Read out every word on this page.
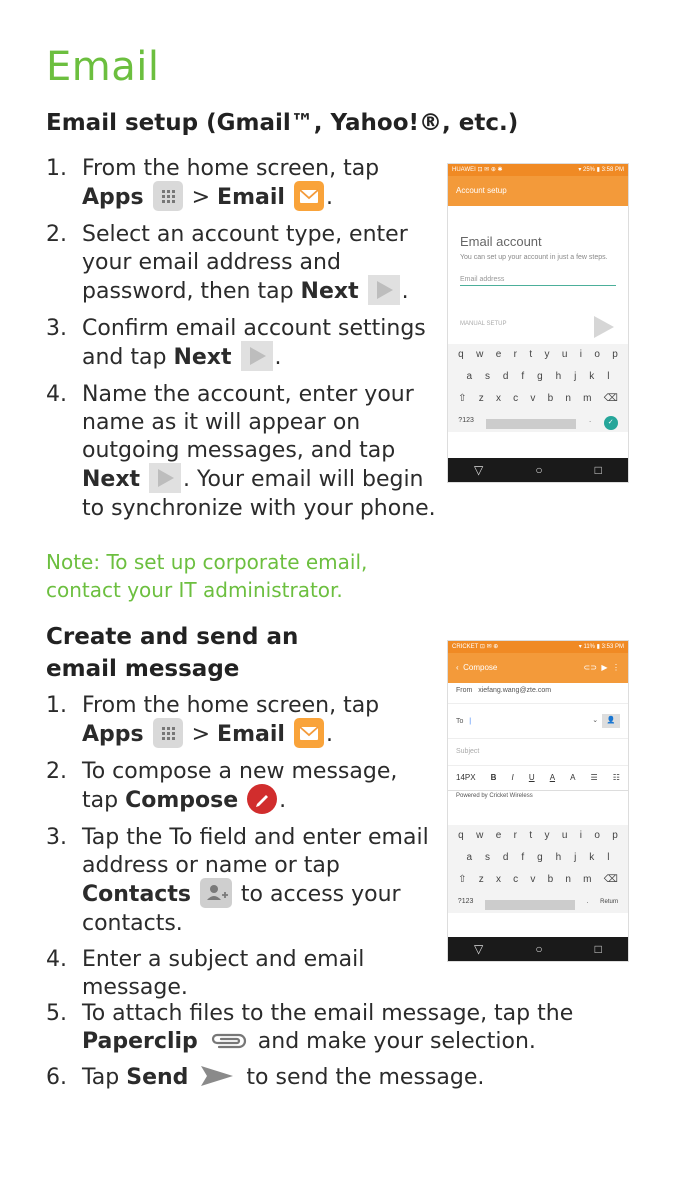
Email
Email setup (Gmail™, Yahoo!®, etc.)
1. From the home screen, tap Apps
> Email .
2. Select an account type, enter your email address and password, then tap Next .
3. Confirm email account settings and tap Next .
4. Name the account, enter your name as it will appear on outgoing messages, and tap Next . Your email will begin to synchronize with your phone.

Note: To set up corporate email, contact your IT administrator.

HUAWEI ⊡ ✉ ⊕ ✱	▾ 25% ▮ 3:58 PM
Account setup
Email account
You can set up your account in just a few steps.
Email address
MANUAL SETUP
q w e r t y u i o p
a s d f g h j k l
⇧ z x c v b n m ⌫
?123	.	✓
▽	○	□
Create and send an email message
1. From the home screen, tap Apps
> Email .
2. To compose a new message, tap Compose .
3. Tap the To field and enter email address or name or tap Contacts
to access your contacts.
4. Enter a subject and email message.
5. To attach files to the email message, tap the Paperclip  and make your selection.
6. Tap Send  to send the message.
CRICKET ⊡ ✉ ⊕	▾ 11% ▮ 3:53 PM
‹ Compose	⊂⊃ ▶ ⋮
From xiefang.wang@zte.com
To |	⌄ 👤
Subject
14PX B I U A A ☰ ☷
Powered by Cricket Wireless
q w e r t y u i o p
a s d f g h j k l
⇧ z x c v b n m ⌫
?123	. Return
▽	○	□
